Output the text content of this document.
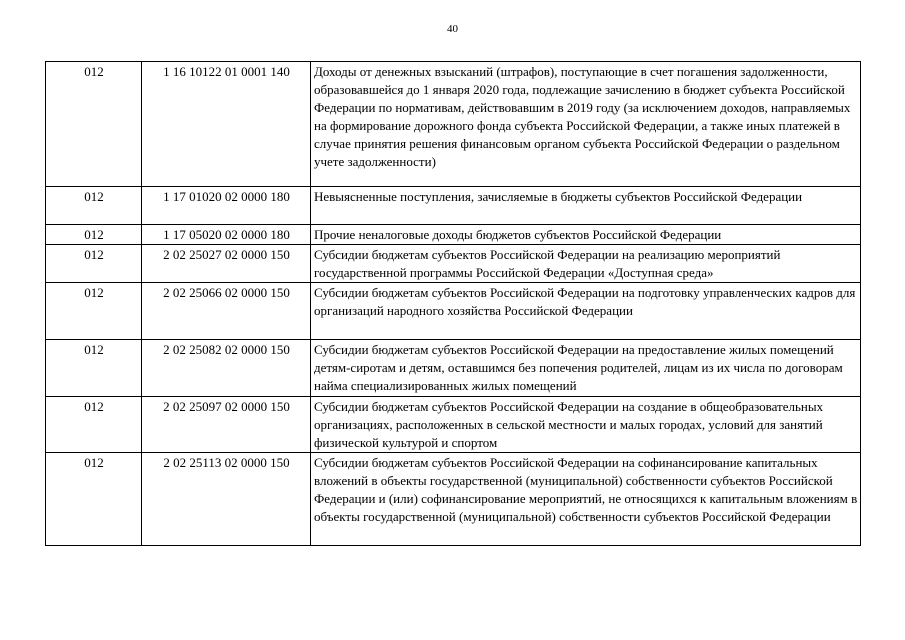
40
012	1 16 10122 01 0001 140	Доходы от денежных взысканий (штрафов), поступающие в счет погашения задолженности, образовавшейся до 1 января 2020 года, подлежащие зачислению в бюджет субъекта Российской Федерации по нормативам, действовавшим в 2019 году (за исключением доходов, направляемых на формирование дорожного фонда субъекта Российской Федерации, а также иных платежей в случае принятия решения финансовым органом субъекта Российской Федерации о раздельном учете задолженности)
012	1 17 01020 02 0000 180	Невыясненные поступления, зачисляемые в бюджеты субъектов Российской Федерации
012	1 17 05020 02 0000 180	Прочие неналоговые доходы бюджетов субъектов Российской Федерации
012	2 02 25027 02 0000 150	Субсидии бюджетам субъектов Российской Федерации на реализацию мероприятий государственной программы Российской Федерации «Доступная среда»
012	2 02 25066 02 0000 150	Субсидии бюджетам субъектов Российской Федерации на подготовку управленческих кадров для организаций народного хозяйства Российской Федерации
012	2 02 25082 02 0000 150	Субсидии бюджетам субъектов Российской Федерации на предоставление жилых помещений детям-сиротам и детям, оставшимся без попечения родителей, лицам из их числа по договорам найма специализированных жилых помещений
012	2 02 25097 02 0000 150	Субсидии бюджетам субъектов Российской Федерации на создание в общеобразовательных организациях, расположенных в сельской местности и малых городах, условий для занятий физической культурой и спортом
012	2 02 25113 02 0000 150	Субсидии бюджетам субъектов Российской Федерации на софинансирование капитальных вложений в объекты государственной (муниципальной) собственности субъектов Российской Федерации и (или) софинансирование мероприятий, не относящихся к капитальным вложениям в объекты государственной (муниципальной) собственности субъектов Российской Федерации
